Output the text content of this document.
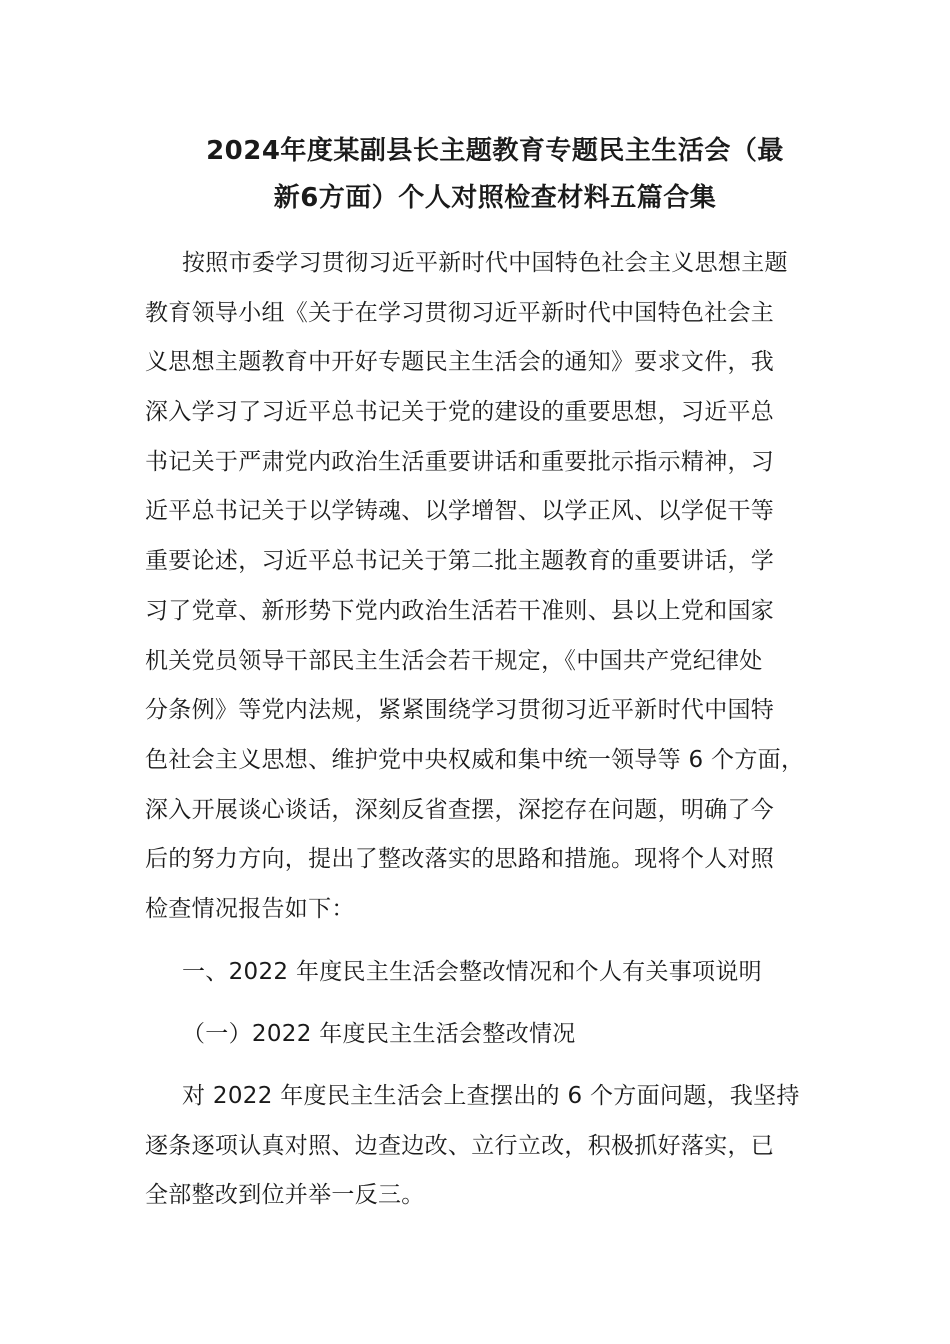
2024年度某副县长主题教育专题民主生活会（最
新6方面）个人对照检查材料五篇合集
按照市委学习贯彻习近平新时代中国特色社会主义思想主题
教育领导小组《关于在学习贯彻习近平新时代中国特色社会主
义思想主题教育中开好专题民主生活会的通知》要求文件，我
深入学习了习近平总书记关于党的建设的重要思想，习近平总
书记关于严肃党内政治生活重要讲话和重要批示指示精神，习
近平总书记关于以学铸魂、以学增智、以学正风、以学促干等
重要论述，习近平总书记关于第二批主题教育的重要讲话，学
习了党章、新形势下党内政治生活若干准则、县以上党和国家
机关党员领导干部民主生活会若干规定，《中国共产党纪律处
分条例》等党内法规，紧紧围绕学习贯彻习近平新时代中国特
色社会主义思想、维护党中央权威和集中统一领导等 6 个方面，
深入开展谈心谈话，深刻反省查摆，深挖存在问题，明确了今
后的努力方向，提出了整改落实的思路和措施。现将个人对照
检查情况报告如下：
一、2022 年度民主生活会整改情况和个人有关事项说明
（一）2022 年度民主生活会整改情况
对 2022 年度民主生活会上查摆出的 6 个方面问题，我坚持
逐条逐项认真对照、边查边改、立行立改，积极抓好落实，已
全部整改到位并举一反三。
